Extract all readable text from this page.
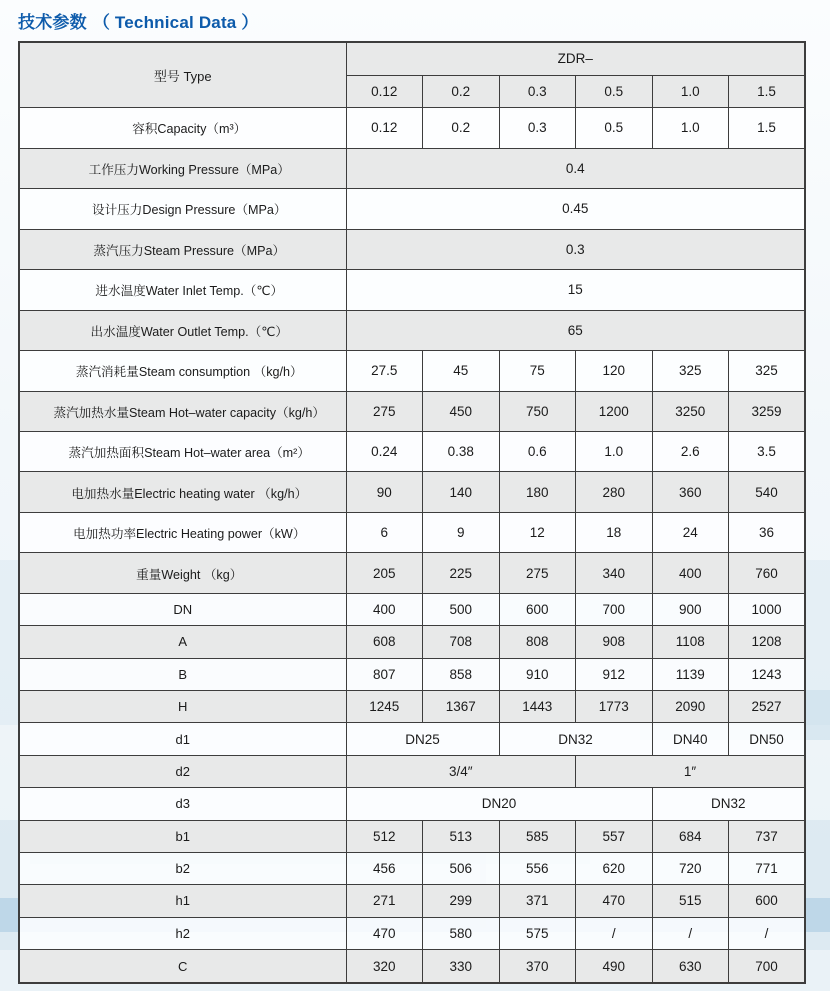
技术参数 （ Technical Data ）
型号 Type	ZDR–					
	0.12	0.2	0.3	0.5	1.0	1.5
容积Capacity（m³）	0.12	0.2	0.3	0.5	1.0	1.5
工作压力Working Pressure（MPa）	0.4					
设计压力Design Pressure（MPa）	0.45					
蒸汽压力Steam Pressure（MPa）	0.3					
进水温度Water Inlet Temp.（℃）	15					
出水温度Water Outlet Temp.（℃）	65					
蒸汽消耗量Steam consumption （kg/h）	27.5	45	75	120	325	325
蒸汽加热水量Steam Hot–water capacity（kg/h）	275	450	750	1200	3250	3259
蒸汽加热面积Steam Hot–water area（m²）	0.24	0.38	0.6	1.0	2.6	3.5
电加热水量Electric heating water （kg/h）	90	140	180	280	360	540
电加热功率Electric Heating power（kW）	6	9	12	18	24	36
重量Weight （kg）	205	225	275	340	400	760
DN	400	500	600	700	900	1000
A	608	708	808	908	1108	1208
B	807	858	910	912	1139	1243
H	1245	1367	1443	1773	2090	2527
d1	DN25		DN32		DN40	DN50
d2	3/4″			1″		
d3	DN20				DN32	
b1	512	513	585	557	684	737
b2	456	506	556	620	720	771
h1	271	299	371	470	515	600
h2	470	580	575	/	/	/
C	320	330	370	490	630	700
